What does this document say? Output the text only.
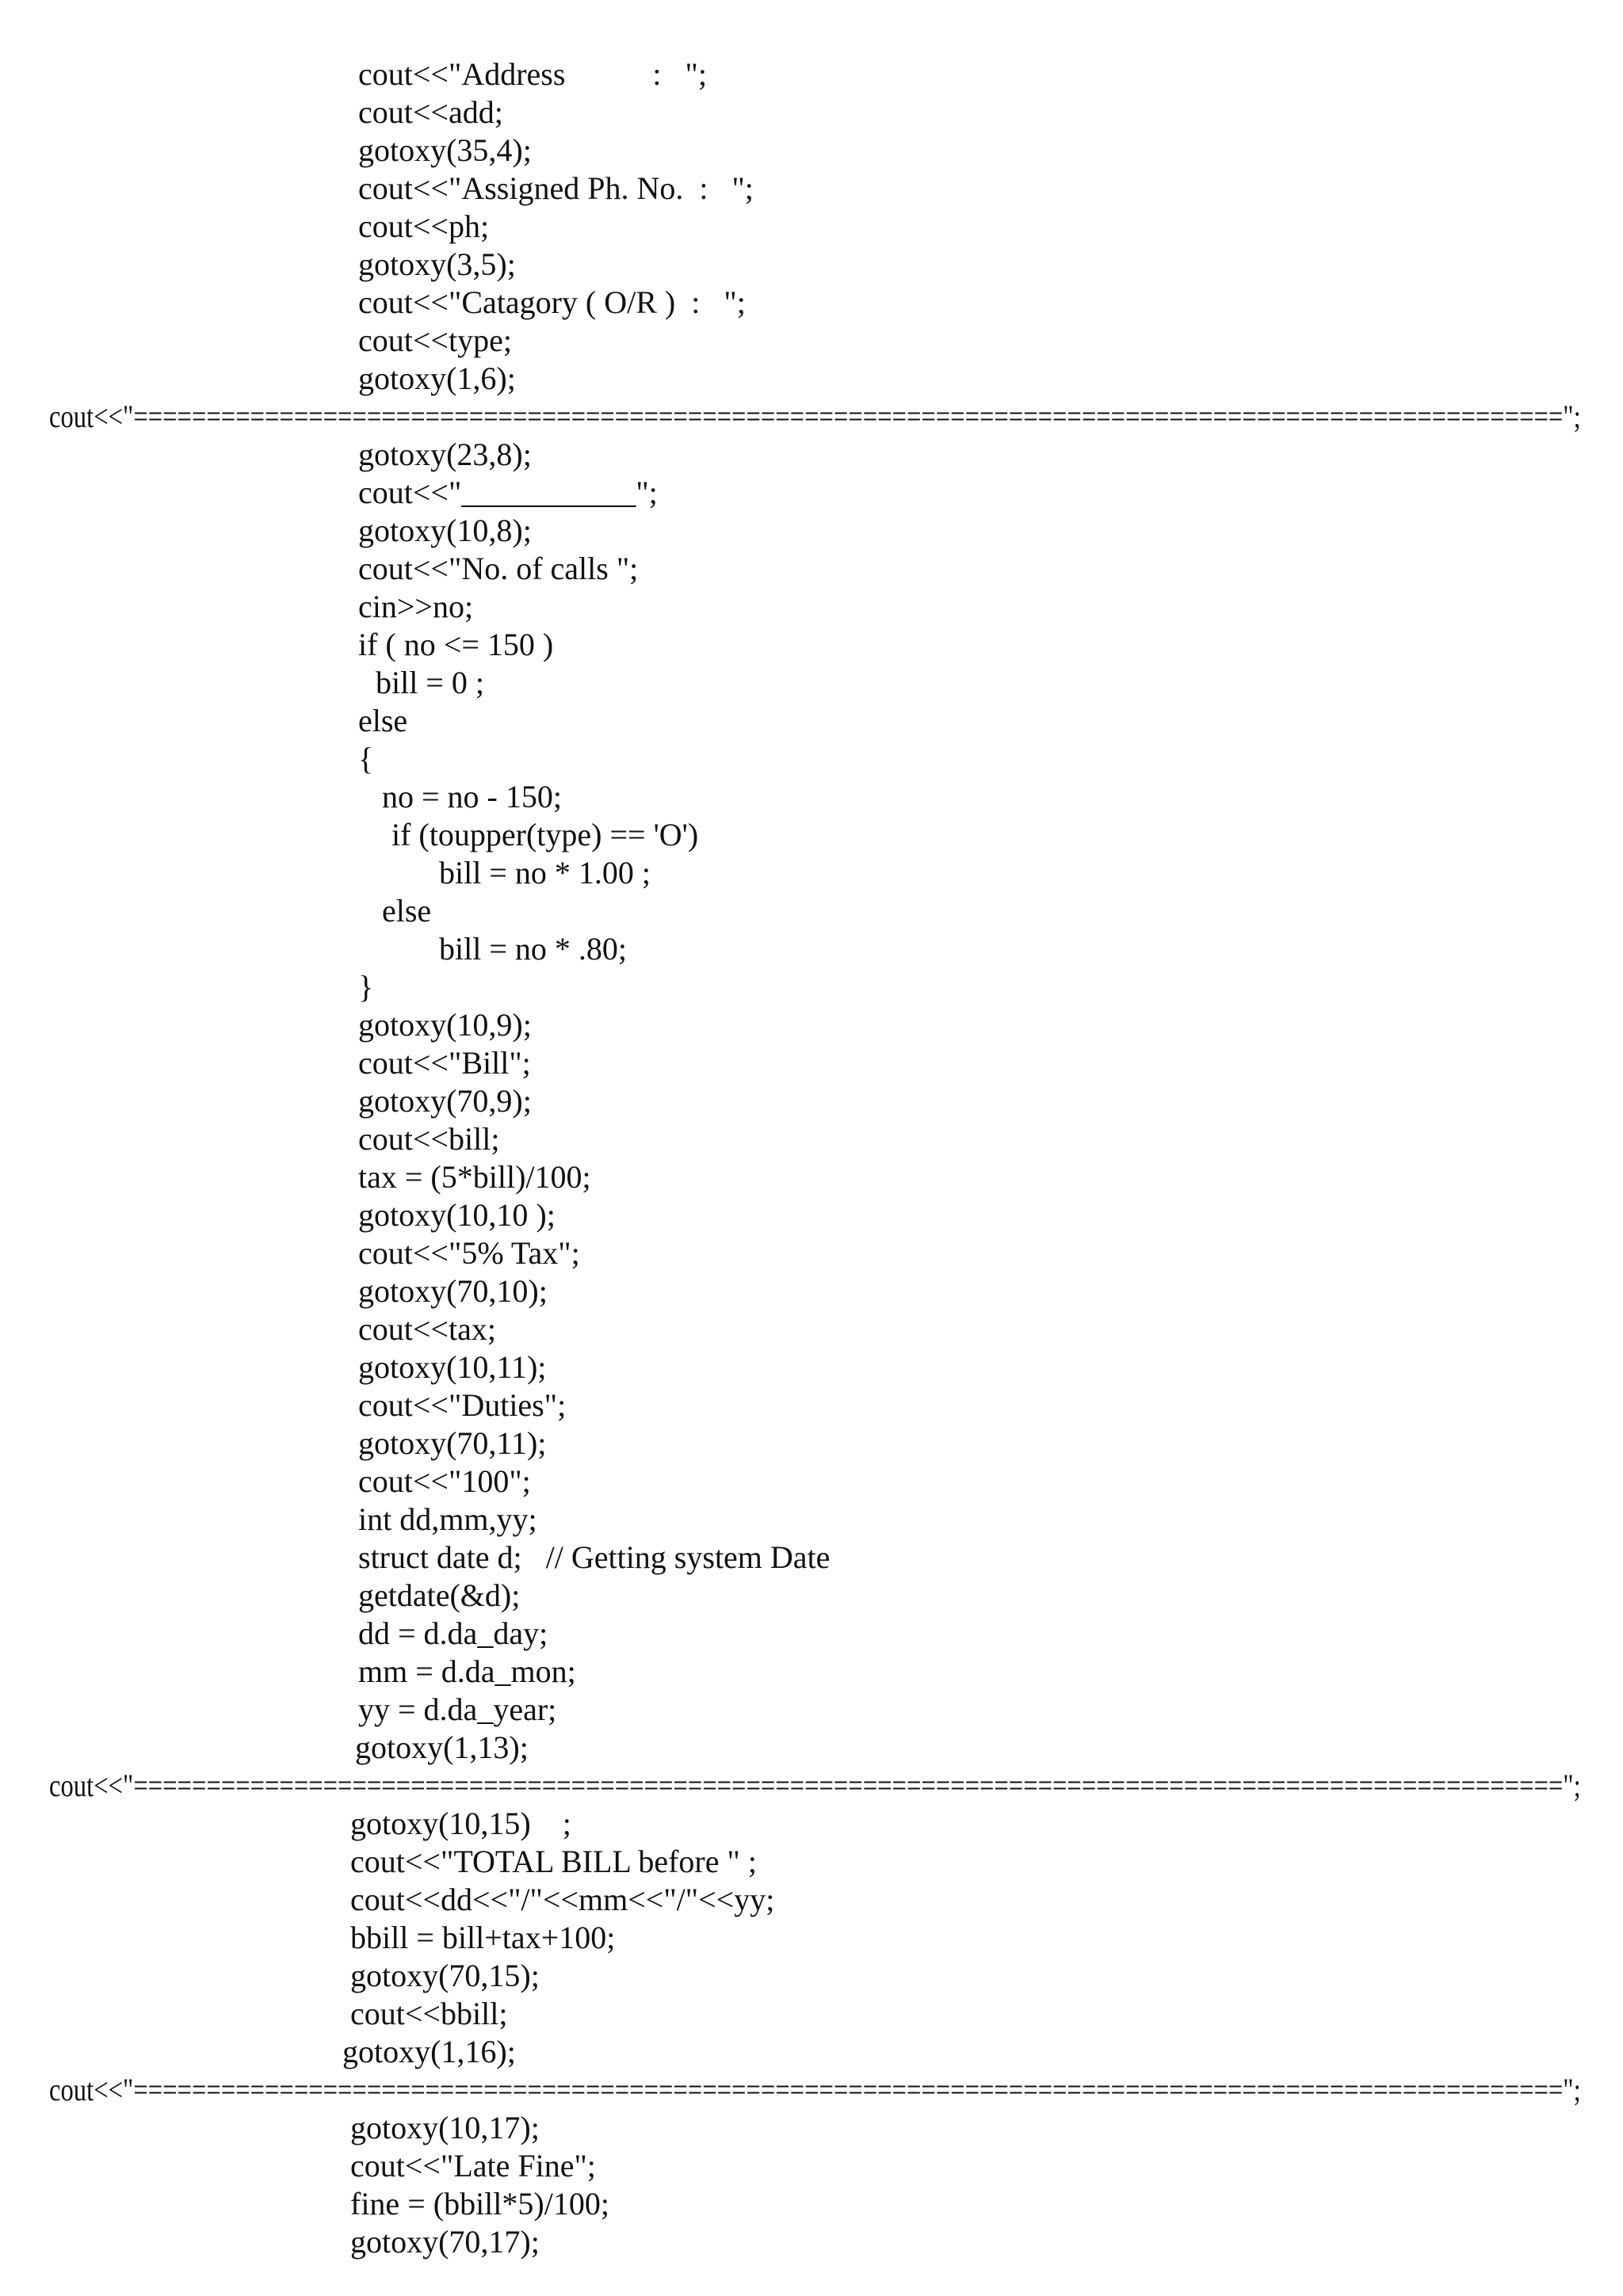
cout<<"Address           :   ";
cout<<add;
gotoxy(35,4);
cout<<"Assigned Ph. No.  :   ";
cout<<ph;
gotoxy(3,5);
cout<<"Catagory ( O/R )  :   ";
cout<<type;
gotoxy(1,6);
cout<<"==================================================================================================";
gotoxy(23,8);
cout<<"___________";
gotoxy(10,8);
cout<<"No. of calls ";
cin>>no;
if ( no <= 150 )
bill = 0 ;
else
{
no = no - 150;
if (toupper(type) == 'O')
bill = no * 1.00 ;
else
bill = no * .80;
}
gotoxy(10,9);
cout<<"Bill";
gotoxy(70,9);
cout<<bill;
tax = (5*bill)/100;
gotoxy(10,10 );
cout<<"5% Tax";
gotoxy(70,10);
cout<<tax;
gotoxy(10,11);
cout<<"Duties";
gotoxy(70,11);
cout<<"100";
int dd,mm,yy;
struct date d;   // Getting system Date
getdate(&d);
dd = d.da_day;
mm = d.da_mon;
yy = d.da_year;
gotoxy(1,13);
cout<<"==================================================================================================";
gotoxy(10,15)    ;
cout<<"TOTAL BILL before " ;
cout<<dd<<"/"<<mm<<"/"<<yy;
bbill = bill+tax+100;
gotoxy(70,15);
cout<<bbill;
gotoxy(1,16);
cout<<"==================================================================================================";
gotoxy(10,17);
cout<<"Late Fine";
fine = (bbill*5)/100;
gotoxy(70,17);
